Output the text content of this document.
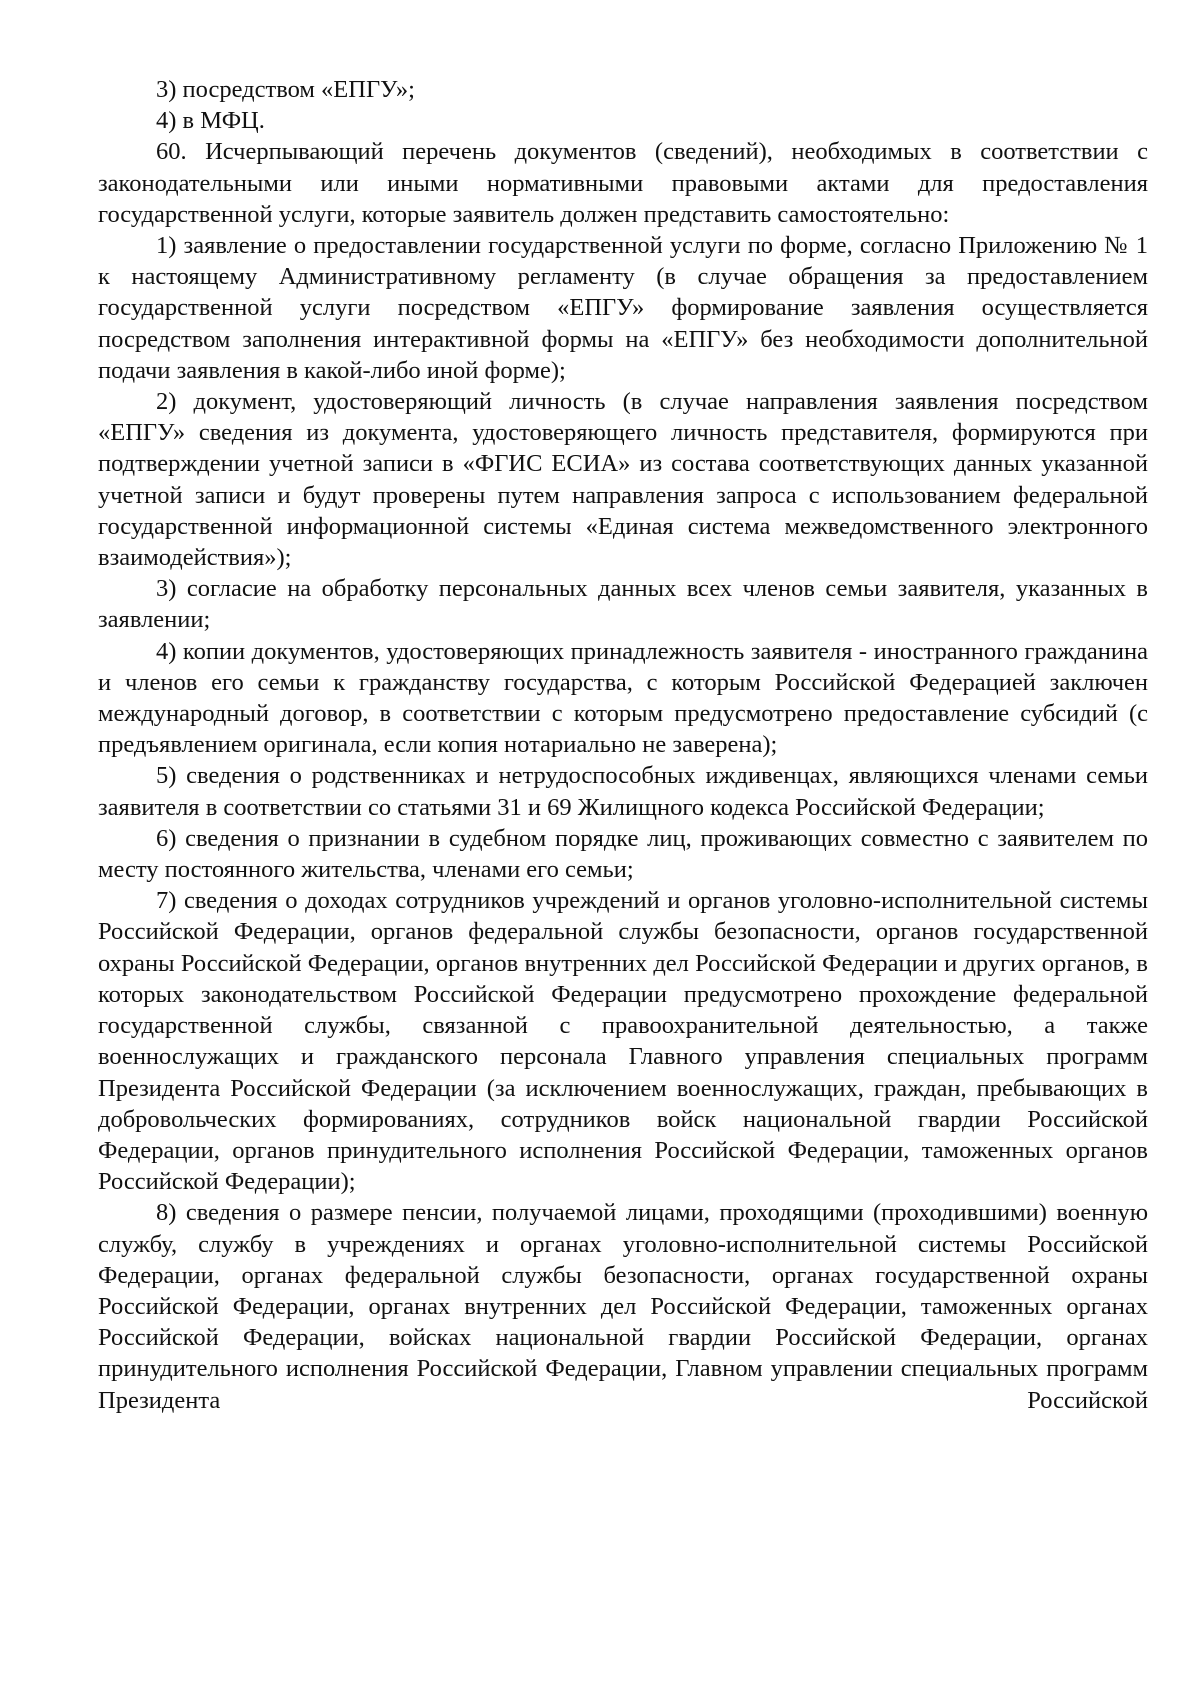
3) посредством «ЕПГУ»;

4) в МФЦ.

60. Исчерпывающий перечень документов (сведений), необходимых в соответствии с законодательными или иными нормативными правовыми актами для предоставления государственной услуги, которые заявитель должен представить самостоятельно:

1) заявление о предоставлении государственной услуги по форме, согласно Приложению № 1 к настоящему Административному регламенту (в случае обращения за предоставлением государственной услуги посредством «ЕПГУ» формирование заявления осуществляется посредством заполнения интерактивной формы на «ЕПГУ» без необходимости дополнительной подачи заявления в какой-либо иной форме);

2) документ, удостоверяющий личность (в случае направления заявления посредством «ЕПГУ» сведения из документа, удостоверяющего личность представителя, формируются при подтверждении учетной записи в «ФГИС ЕСИА» из состава соответствующих данных указанной учетной записи и будут проверены путем направления запроса с использованием федеральной государственной информационной системы «Единая система межведомственного электронного взаимодействия»);

3) согласие на обработку персональных данных всех членов семьи заявителя, указанных в заявлении;

4) копии документов, удостоверяющих принадлежность заявителя - иностранного гражданина и членов его семьи к гражданству государства, с которым Российской Федерацией заключен международный договор, в соответствии с которым предусмотрено предоставление субсидий (с предъявлением оригинала, если копия нотариально не заверена);

5) сведения о родственниках и нетрудоспособных иждивенцах, являющихся членами семьи заявителя в соответствии со статьями 31 и 69 Жилищного кодекса Российской Федерации;

6) сведения о признании в судебном порядке лиц, проживающих совместно с заявителем по месту постоянного жительства, членами его семьи;

7) сведения о доходах сотрудников учреждений и органов уголовно-исполнительной системы Российской Федерации, органов федеральной службы безопасности, органов государственной охраны Российской Федерации, органов внутренних дел Российской Федерации и других органов, в которых законодательством Российской Федерации предусмотрено прохождение федеральной государственной службы, связанной с правоохранительной деятельностью, а также военнослужащих и гражданского персонала Главного управления специальных программ Президента Российской Федерации (за исключением военнослужащих, граждан, пребывающих в добровольческих формированиях, сотрудников войск национальной гвардии Российской Федерации, органов принудительного исполнения Российской Федерации, таможенных органов Российской Федерации);

8) сведения о размере пенсии, получаемой лицами, проходящими (проходившими) военную службу, службу в учреждениях и органах уголовно-исполнительной системы Российской Федерации, органах федеральной службы безопасности, органах государственной охраны Российской Федерации, органах внутренних дел Российской Федерации, таможенных органах Российской Федерации, войсках национальной гвардии Российской Федерации, органах принудительного исполнения Российской Федерации, Главном управлении специальных программ Президента Российской
